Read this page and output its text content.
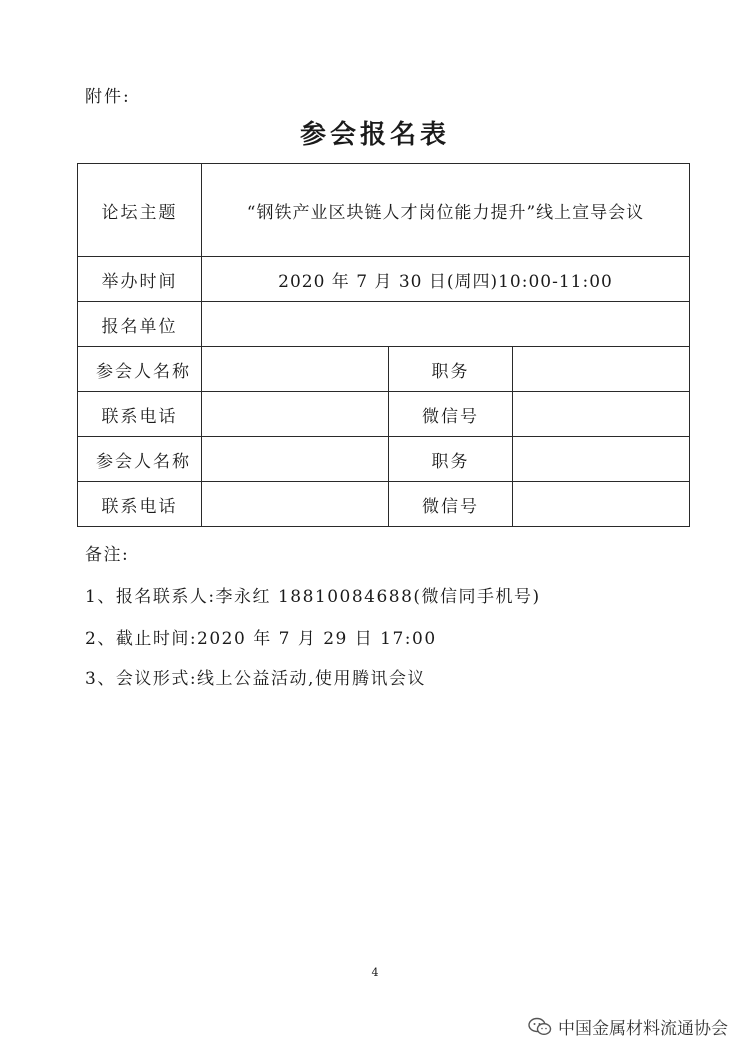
附件:
参会报名表
论坛主题	“钢铁产业区块链人才岗位能力提升”线上宣导会议		
举办时间	2020 年 7 月 30 日(周四)10:00-11:00		
报名单位			
参会人名称		职务	
联系电话		微信号	
参会人名称		职务	
联系电话		微信号	
备注:
1、报名联系人:李永红 18810084688(微信同手机号)
2、截止时间:2020 年 7 月 29 日 17:00
3、会议形式:线上公益活动,使用腾讯会议
4
中国金属材料流通协会
